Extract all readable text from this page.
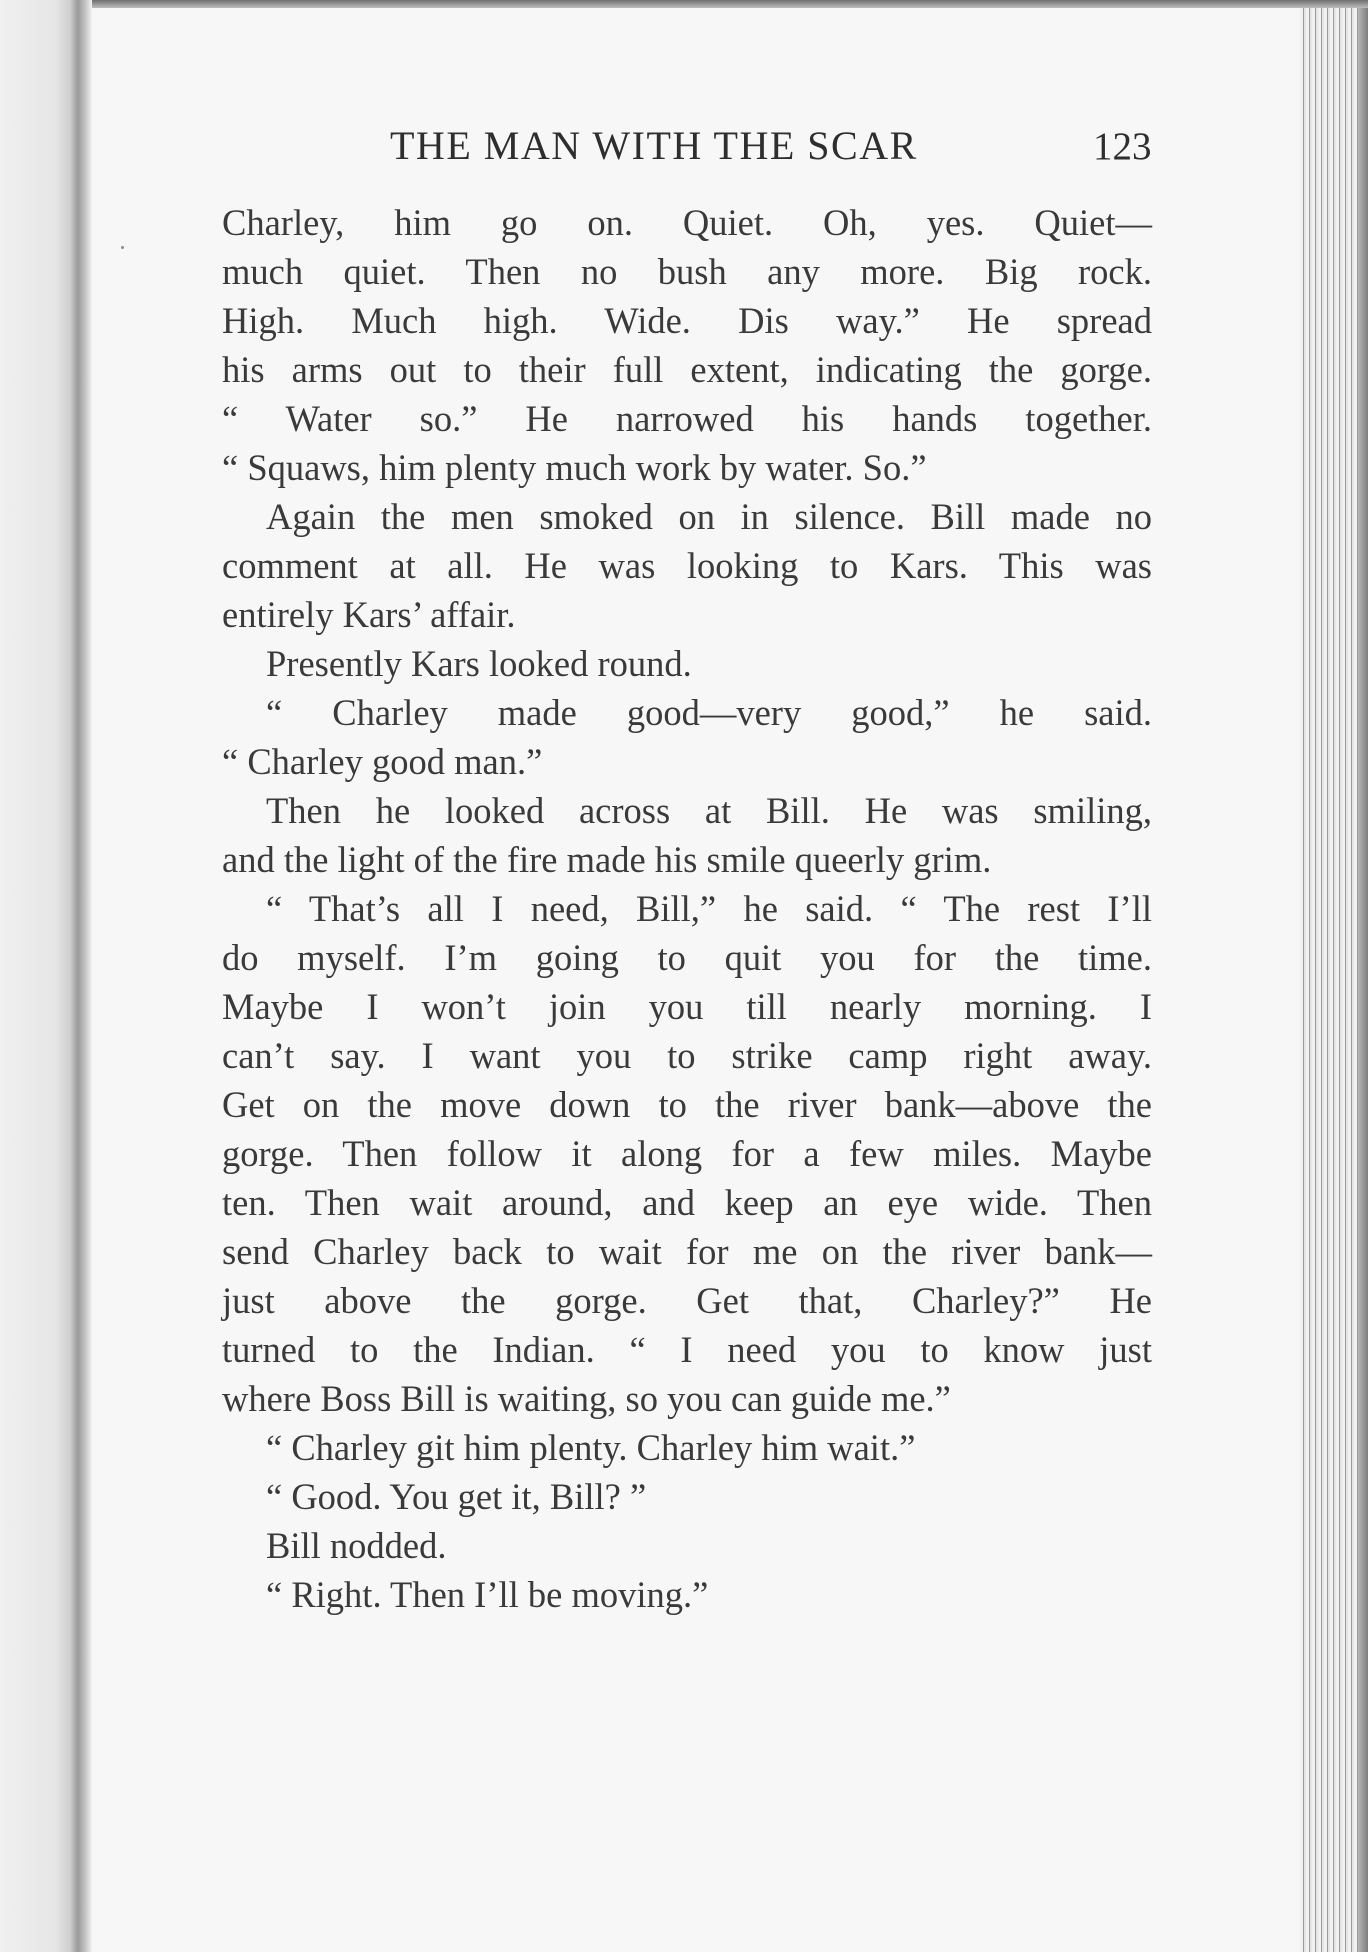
THE MAN WITH THE SCAR	123
Charley, him go on. Quiet. Oh, yes. Quiet—
much quiet. Then no bush any more. Big rock.
High. Much high. Wide. Dis way.” He spread
his arms out to their full extent, indicating the gorge.
“ Water so.” He narrowed his hands together.
“ Squaws, him plenty much work by water. So.”
Again the men smoked on in silence. Bill made no
comment at all. He was looking to Kars. This was
entirely Kars’ affair.
Presently Kars looked round.
“ Charley made good—very good,” he said.
“ Charley good man.”
Then he looked across at Bill. He was smiling,
and the light of the fire made his smile queerly grim.
“ That’s all I need, Bill,” he said. “ The rest I’ll
do myself. I’m going to quit you for the time.
Maybe I won’t join you till nearly morning. I
can’t say. I want you to strike camp right away.
Get on the move down to the river bank—above the
gorge. Then follow it along for a few miles. Maybe
ten. Then wait around, and keep an eye wide. Then
send Charley back to wait for me on the river bank—
just above the gorge. Get that, Charley?” He
turned to the Indian. “ I need you to know just
where Boss Bill is waiting, so you can guide me.”
“ Charley git him plenty. Charley him wait.”
“ Good. You get it, Bill? ”
Bill nodded.
“ Right. Then I’ll be moving.”
